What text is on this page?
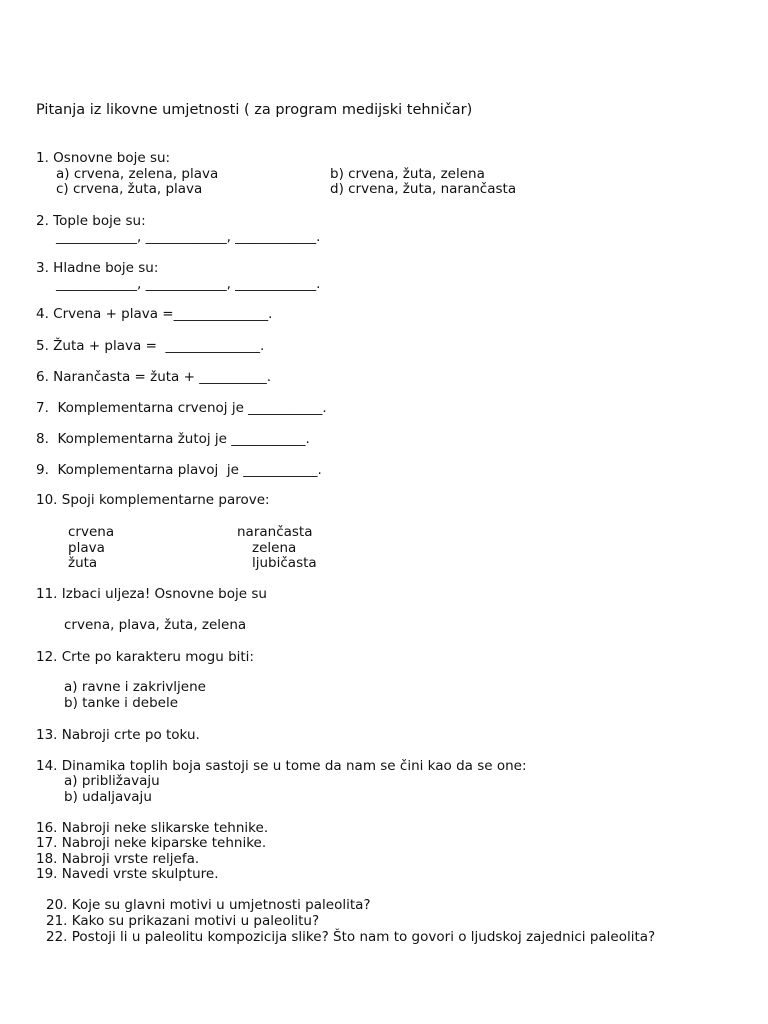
Pitanja iz likovne umjetnosti ( za program medijski tehničar)
1. Osnovne boje su:
a) crvena, zelena, plava	b) crvena, žuta, zelena
c) crvena, žuta, plava	d) crvena, žuta, narančasta
2. Tople boje su:
____________, ____________, ____________.
3. Hladne boje su:
____________, ____________, ____________.
4. Crvena + plava =______________.
5. Žuta + plava =  ______________.
6. Narančasta = žuta + __________.
7.  Komplementarna crvenoj je ___________.
8.  Komplementarna žutoj je ___________.
9.  Komplementarna plavoj  je ___________.
10. Spoji komplementarne parove:
crvena
plava
žuta
narančasta
zelena
ljubičasta
11. Izbaci uljeza! Osnovne boje su
crvena, plava, žuta, zelena
12. Crte po karakteru mogu biti:
a) ravne i zakrivljene
b) tanke i debele
13. Nabroji crte po toku.
14. Dinamika toplih boja sastoji se u tome da nam se čini kao da se one:
a) približavaju
b) udaljavaju
16. Nabroji neke slikarske tehnike.
17. Nabroji neke kiparske tehnike.
18. Nabroji vrste reljefa.
19. Navedi vrste skulpture.
20. Koje su glavni motivi u umjetnosti paleolita?
21. Kako su prikazani motivi u paleolitu?
22. Postoji li u paleolitu kompozicija slike? Što nam to govori o ljudskoj zajednici paleolita?
